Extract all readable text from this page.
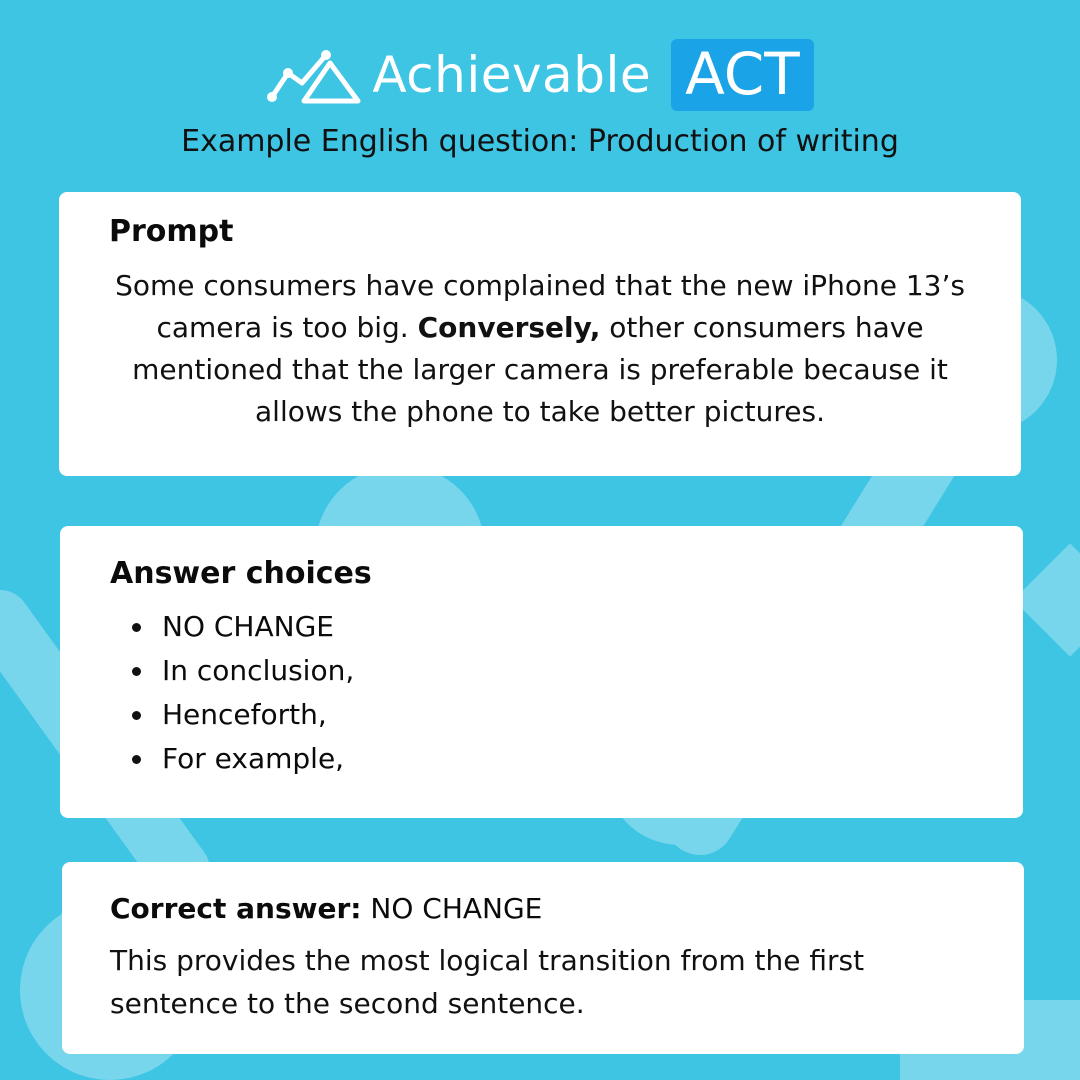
Achievable ACT
Example English question: Production of writing
Prompt
Some consumers have complained that the new iPhone 13’s camera is too big. Conversely, other consumers have mentioned that the larger camera is preferable because it allows the phone to take better pictures.
Answer choices
NO CHANGE
In conclusion,
Henceforth,
For example,
Correct answer: NO CHANGE
This provides the most logical transition from the first sentence to the second sentence.
